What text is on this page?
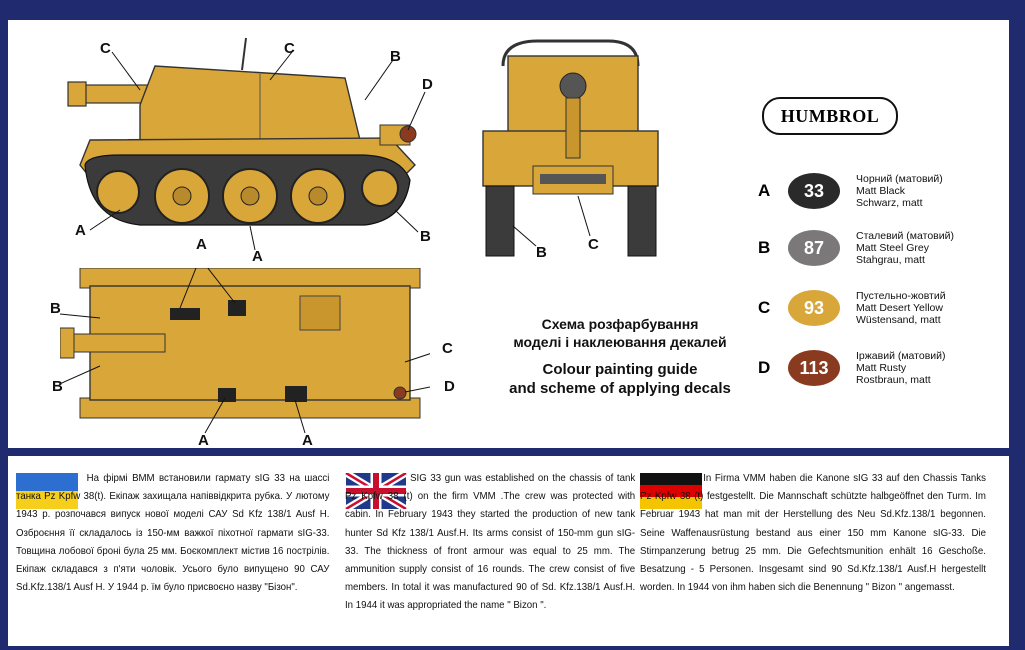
C	C	B
D
A
A
B
B	C
A
B
B
A	A
C
D
Схема розфарбування
моделі і наклеювання декалей
Colour painting guide
and scheme of applying decals
HUMBROL
A	33
Чорний (матовий)
Matt Black
Schwarz, matt
B	87
Сталевий (матовий)
Matt Steel Grey
Stahgrau, matt
C	93
Пустельно-жовтий
Matt Desert Yellow
Wüstensand, matt
D	113
Іржавий (матовий)
Matt Rusty
Rostbraun, matt
На фірмі ВММ встановили гармату sIG 33 на шассі танка Pz Kpfw 38(t). Екіпаж захищала напіввідкрита рубка. У лютому 1943 р. розпочався випуск нової моделі САУ Sd Kfz 138/1 Ausf H. Озброєння її складалось із 150-мм важкої піхотної гармати sIG-33. Товщина лобової броні була 25 мм. Боєкомплект містив 16 пострілів. Екіпаж складався з п'яти чоловік. Усього було випущено 90 САУ Sd.Kfz.138/1 Ausf H. У 1944 р. їм було присвоєно назву "Бізон".
SIG 33 gun was established on the chassis of tank Pz Kpfw 38 (t) on the firm VMM .The crew was protected with cabin. In February 1943 they started the production of new tank hunter Sd Kfz 138/1 Ausf.H. Its arms consist of 150-mm gun sIG-33. The thickness of front armour was equal to 25 mm. The ammunition supply consist of 16 rounds. The crew consist of five members. In total it was manufactured 90 of Sd. Kfz.138/1 Ausf.H. In 1944 it was appropriated the name " Bizon ".
In Firma VMM haben die Kanone sIG 33 auf den Chassis Tanks Pz Kpfw 38 (t) festgestellt. Die Mannschaft schützte halbgeöffnet den Turm. Im Februar 1943 hat man mit der Herstellung des Neu Sd.Kfz.138/1 begonnen. Seine Waffenausrüstung bestand aus einer 150 mm Kanone sIG-33. Die Stirnpanzerung betrug 25 mm. Die Gefechtsmunition enhält 16 Geschoße. Besatzung - 5 Personen. Insgesamt sind 90 Sd.Kfz.138/1 Ausf.H hergestellt worden. In 1944 von ihm haben sich die Benennung " Bizon " angemasst.
